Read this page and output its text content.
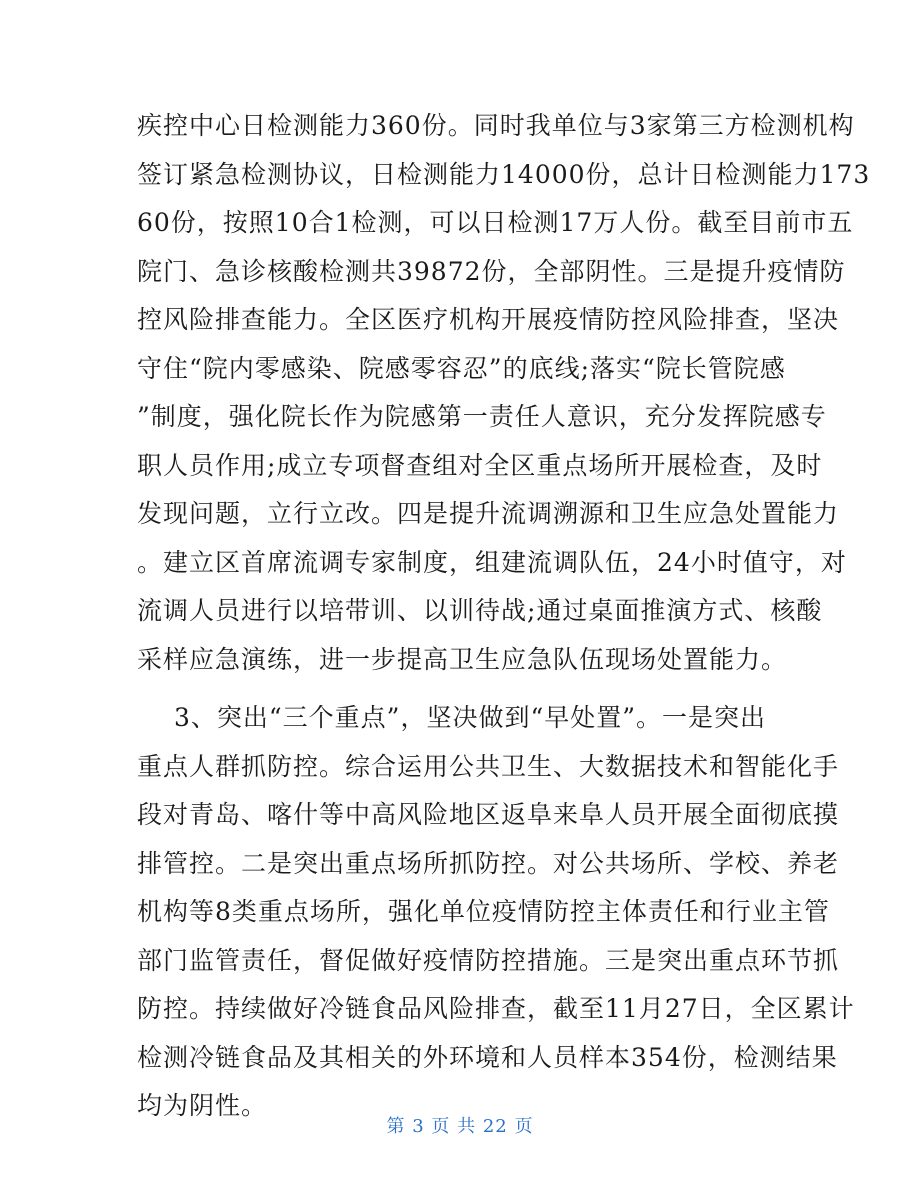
疾控中心日检测能力360份。同时我单位与3家第三方检测机构
签订紧急检测协议，日检测能力14000份，总计日检测能力173
60份，按照10合1检测，可以日检测17万人份。截至目前市五
院门、急诊核酸检测共39872份，全部阴性。三是提升疫情防
控风险排查能力。全区医疗机构开展疫情防控风险排查，坚决
守住“院内零感染、院感零容忍”的底线;落实“院长管院感
”制度，强化院长作为院感第一责任人意识，充分发挥院感专
职人员作用;成立专项督查组对全区重点场所开展检查，及时
发现问题，立行立改。四是提升流调溯源和卫生应急处置能力
。建立区首席流调专家制度，组建流调队伍，24小时值守，对
流调人员进行以培带训、以训待战;通过桌面推演方式、核酸
采样应急演练，进一步提高卫生应急队伍现场处置能力。
3、突出“三个重点”，坚决做到“早处置”。一是突出
重点人群抓防控。综合运用公共卫生、大数据技术和智能化手
段对青岛、喀什等中高风险地区返阜来阜人员开展全面彻底摸
排管控。二是突出重点场所抓防控。对公共场所、学校、养老
机构等8类重点场所，强化单位疫情防控主体责任和行业主管
部门监管责任，督促做好疫情防控措施。三是突出重点环节抓
防控。持续做好冷链食品风险排查，截至11月27日，全区累计
检测冷链食品及其相关的外环境和人员样本354份，检测结果
均为阴性。
第 3 页 共 22 页
